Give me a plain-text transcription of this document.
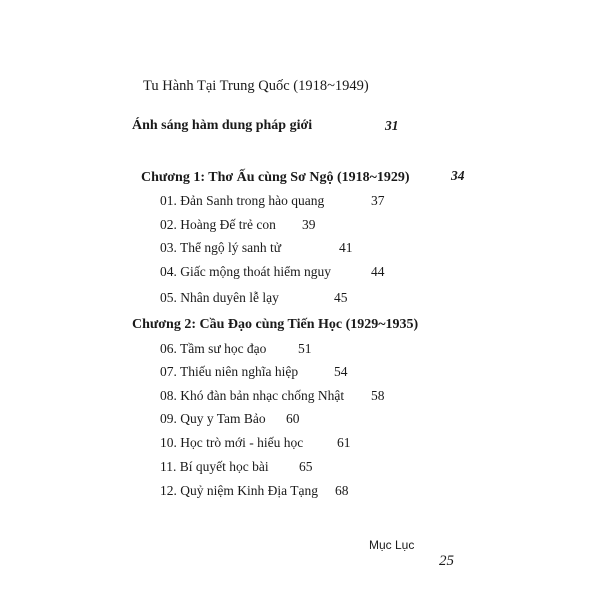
Tu Hành Tại Trung Quốc (1918~1949)
Ánh sáng hàm dung pháp giới	31
Chương 1: Thơ Ấu cùng Sơ Ngộ (1918~1929)	34
01. Đản Sanh trong hào quang	37
02. Hoàng Đế trẻ con 39
03. Thể ngộ lý sanh tử	41
04. Giấc mộng thoát hiểm nguy	44
05. Nhân duyên lễ lạy	45
Chương 2: Cầu Đạo cùng Tiến Học (1929~1935)
06. Tầm sư học đạo 51
07. Thiếu niên nghĩa hiệp	54
08. Khó đàn bản nhạc chống Nhật 58
09. Quy y Tam Bảo 60
10. Học trò mới - hiếu học	61
11. Bí quyết học bài 65
12. Quỷ niệm Kinh Địa Tạng 68
Mục Lục
25
